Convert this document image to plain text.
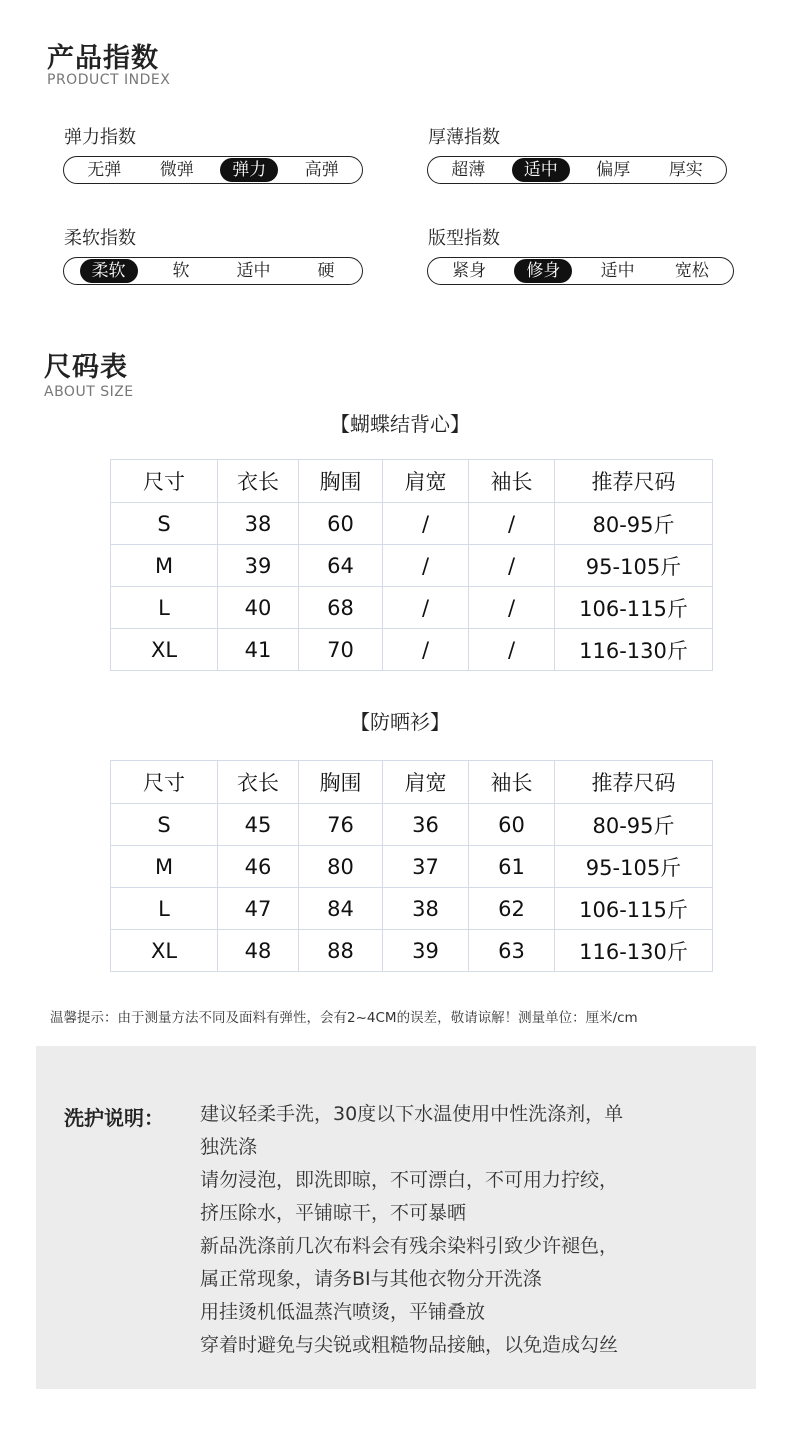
产品指数
PRODUCT INDEX
弹力指数
无弹	微弹	弹力	高弹
厚薄指数
超薄	适中	偏厚	厚实
柔软指数
柔软	软	适中	硬
版型指数
紧身	修身	适中	宽松
尺码表
ABOUT SIZE
【蝴蝶结背心】
尺寸	衣长	胸围	肩宽	袖长	推荐尺码
S	38	60	/	/	80-95斤
M	39	64	/	/	95-105斤
L	40	68	/	/	106-115斤
XL	41	70	/	/	116-130斤
【防晒衫】
尺寸	衣长	胸围	肩宽	袖长	推荐尺码
S	45	76	36	60	80-95斤
M	46	80	37	61	95-105斤
L	47	84	38	62	106-115斤
XL	48	88	39	63	116-130斤
温馨提示：由于测量方法不同及面料有弹性，会有2~4CM的误差，敬请谅解！测量单位：厘米/cm
洗护说明： 建议轻柔手洗，30度以下水温使用中性洗涤剂，单
独洗涤
请勿浸泡，即洗即晾，不可漂白，不可用力拧绞，
挤压除水，平铺晾干，不可暴晒
新品洗涤前几次布料会有残余染料引致少许褪色，
属正常现象，请务BI与其他衣物分开洗涤
用挂烫机低温蒸汽喷烫，平铺叠放
穿着时避免与尖锐或粗糙物品接触，以免造成勾丝
